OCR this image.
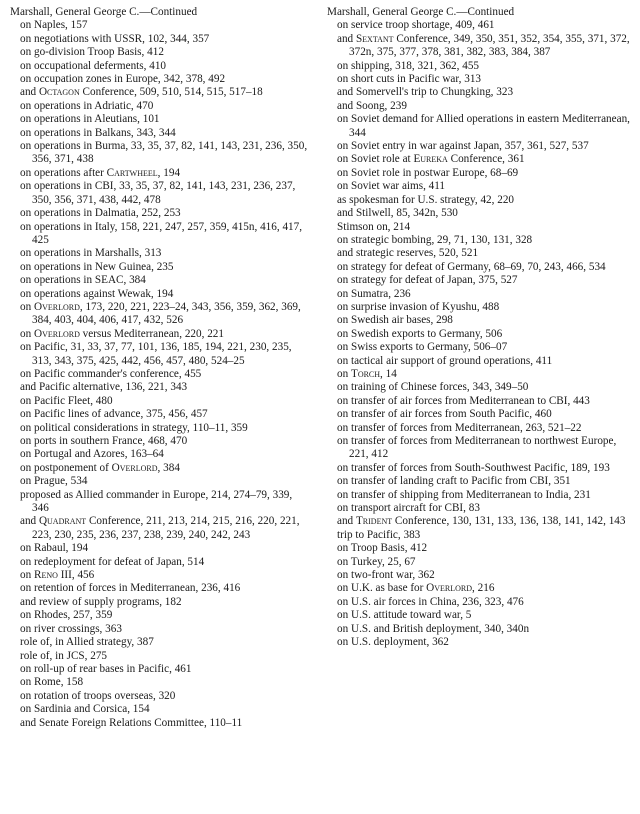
Marshall, General George C.—Continued

on Naples, 157

on negotiations with USSR, 102, 344, 357

on go-division Troop Basis, 412

on occupational deferments, 410

on occupation zones in Europe, 342, 378, 492

and Octagon Conference, 509, 510, 514, 515, 517–18

on operations in Adriatic, 470

on operations in Aleutians, 101

on operations in Balkans, 343, 344

on operations in Burma, 33, 35, 37, 82, 141, 143, 231, 236, 350, 356, 371, 438

on operations after Cartwheel, 194

on operations in CBI, 33, 35, 37, 82, 141, 143, 231, 236, 237, 350, 356, 371, 438, 442, 478

on operations in Dalmatia, 252, 253

on operations in Italy, 158, 221, 247, 257, 359, 415n, 416, 417, 425

on operations in Marshalls, 313

on operations in New Guinea, 235

on operations in SEAC, 384

on operations against Wewak, 194

on Overlord, 173, 220, 221, 223–24, 343, 356, 359, 362, 369, 384, 403, 404, 406, 417, 432, 526

on Overlord versus Mediterranean, 220, 221

on Pacific, 31, 33, 37, 77, 101, 136, 185, 194, 221, 230, 235, 313, 343, 375, 425, 442, 456, 457, 480, 524–25

on Pacific commander's conference, 455

and Pacific alternative, 136, 221, 343

on Pacific Fleet, 480

on Pacific lines of advance, 375, 456, 457

on political considerations in strategy, 110–11, 359

on ports in southern France, 468, 470

on Portugal and Azores, 163–64

on postponement of Overlord, 384

on Prague, 534

proposed as Allied commander in Europe, 214, 274–79, 339, 346

and Quadrant Conference, 211, 213, 214, 215, 216, 220, 221, 223, 230, 235, 236, 237, 238, 239, 240, 242, 243

on Rabaul, 194

on redeployment for defeat of Japan, 514

on Reno III, 456

on retention of forces in Mediterranean, 236, 416

and review of supply programs, 182

on Rhodes, 257, 359

on river crossings, 363

role of, in Allied strategy, 387

role of, in JCS, 275

on roll-up of rear bases in Pacific, 461

on Rome, 158

on rotation of troops overseas, 320

on Sardinia and Corsica, 154

and Senate Foreign Relations Committee, 110–11

Marshall, General George C.—Continued

on service troop shortage, 409, 461

and Sextant Conference, 349, 350, 351, 352, 354, 355, 371, 372, 372n, 375, 377, 378, 381, 382, 383, 384, 387

on shipping, 318, 321, 362, 455

on short cuts in Pacific war, 313

and Somervell's trip to Chungking, 323

and Soong, 239

on Soviet demand for Allied operations in eastern Mediterranean, 344

on Soviet entry in war against Japan, 357, 361, 527, 537

on Soviet role at Eureka Conference, 361

on Soviet role in postwar Europe, 68–69

on Soviet war aims, 411

as spokesman for U.S. strategy, 42, 220

and Stilwell, 85, 342n, 530

Stimson on, 214

on strategic bombing, 29, 71, 130, 131, 328

and strategic reserves, 520, 521

on strategy for defeat of Germany, 68–69, 70, 243, 466, 534

on strategy for defeat of Japan, 375, 527

on Sumatra, 236

on surprise invasion of Kyushu, 488

on Swedish air bases, 298

on Swedish exports to Germany, 506

on Swiss exports to Germany, 506–07

on tactical air support of ground operations, 411

on Torch, 14

on training of Chinese forces, 343, 349–50

on transfer of air forces from Mediterranean to CBI, 443

on transfer of air forces from South Pacific, 460

on transfer of forces from Mediterranean, 263, 521–22

on transfer of forces from Mediterranean to northwest Europe, 221, 412

on transfer of forces from South-Southwest Pacific, 189, 193

on transfer of landing craft to Pacific from CBI, 351

on transfer of shipping from Mediterranean to India, 231

on transport aircraft for CBI, 83

and Trident Conference, 130, 131, 133, 136, 138, 141, 142, 143

trip to Pacific, 383

on Troop Basis, 412

on Turkey, 25, 67

on two-front war, 362

on U.K. as base for Overlord, 216

on U.S. air forces in China, 236, 323, 476

on U.S. attitude toward war, 5

on U.S. and British deployment, 340, 340n

on U.S. deployment, 362
